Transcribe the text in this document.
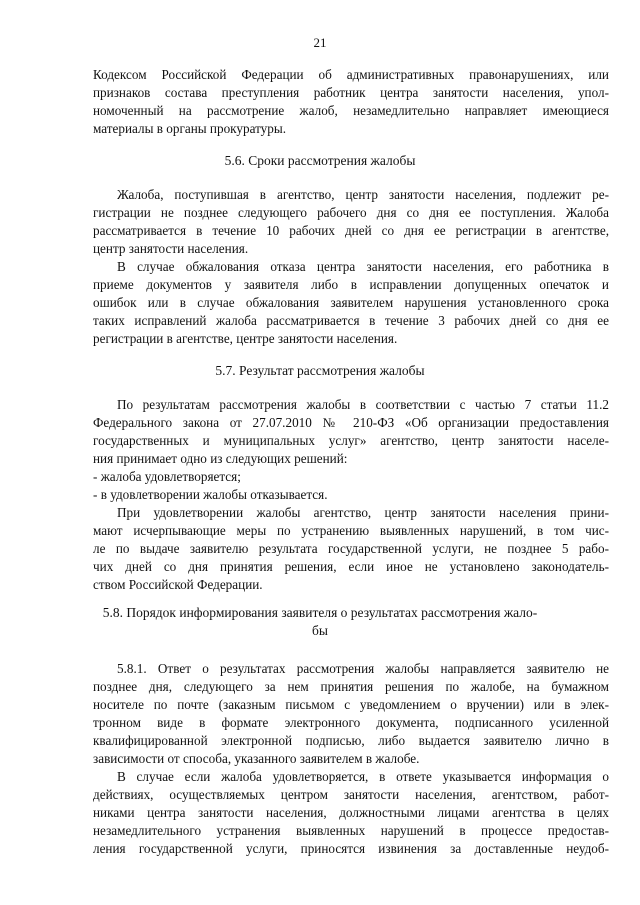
21
Кодексом Российской Федерации об административных правонарушениях, или
признаков состава преступления работник центра занятости населения, упол-
номоченный на рассмотрение жалоб, незамедлительно направляет имеющиеся
материалы в органы прокуратуры.
Жалоба, поступившая в агентство, центр занятости населения, подлежит ре-
гистрации не позднее следующего рабочего дня со дня ее поступления. Жалоба
рассматривается в течение 10 рабочих дней со дня ее регистрации в агентстве,
центр занятости населения.
В случае обжалования отказа центра занятости населения, его работника в
приеме документов у заявителя либо в исправлении допущенных опечаток и
ошибок или в случае обжалования заявителем нарушения установленного срока
таких исправлений жалоба рассматривается в течение 3 рабочих дней со дня ее
регистрации в агентстве, центре занятости населения.
По результатам рассмотрения жалобы в соответствии с частью 7 статьи 11.2
Федерального закона от 27.07.2010 № 210-ФЗ «Об организации предоставления
государственных и муниципальных услуг» агентство, центр занятости населе-
ния принимает одно из следующих решений:
- жалоба удовлетворяется;
- в удовлетворении жалобы отказывается.
При удовлетворении жалобы агентство, центр занятости населения прини-
мают исчерпывающие меры по устранению выявленных нарушений, в том чис-
ле по выдаче заявителю результата государственной услуги, не позднее 5 рабо-
чих дней со дня принятия решения, если иное не установлено законодатель-
ством Российской Федерации.
5.8.1. Ответ о результатах рассмотрения жалобы направляется заявителю не
позднее дня, следующего за нем принятия решения по жалобе, на бумажном
носителе по почте (заказным письмом с уведомлением о вручении) или в элек-
тронном виде в формате электронного документа, подписанного усиленной
квалифицированной электронной подписью, либо выдается заявителю лично в
зависимости от способа, указанного заявителем в жалобе.
В случае если жалоба удовлетворяется, в ответе указывается информация о
действиях, осуществляемых центром занятости населения, агентством, работ-
никами центра занятости населения, должностными лицами агентства в целях
незамедлительного устранения выявленных нарушений в процессе предостав-
ления государственной услуги, приносятся извинения за доставленные неудоб-
5.6. Сроки рассмотрения жалобы
5.7. Результат рассмотрения жалобы
5.8. Порядок информирования заявителя о результатах рассмотрения жало-
бы
